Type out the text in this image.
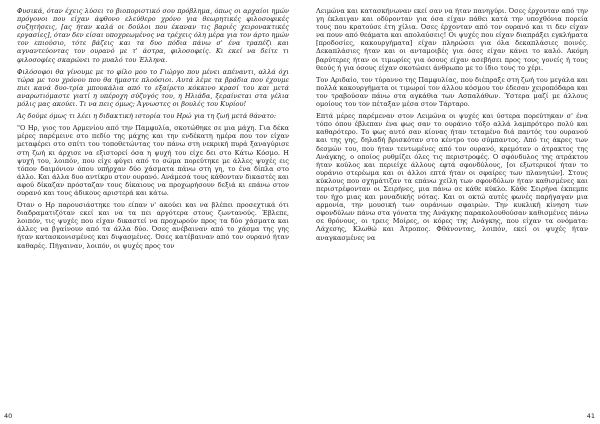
Φυσικά, όταν έχεις λύσει το βιοποριστικό σου πρόβλημα, όπως οι αρχαίοι ημών πρόγονοι που είχαν άφθονο ελεύθερο χρόνο για θεωρητικές φιλοσοφικές συζητήσεις, [ας ήταν καλά οι δούλοι που έκαναν τις βαριές χειρονακτικές εργασίες], όταν δεν είσαι υποχρεωμένος να τρέχεις όλη μέρα για τον άρτο ημών τον επιούσιο, τότε βάζεις και τα δυο πόδια πάνω σ' ένα τραπέζι και αγναντεύοντας τον ουρανό με τ' άστρα, φιλοσοφείς. Κι εκεί να δείτε τι φιλοσοφίες σκαρώνει το μυαλό του Έλληνα.

Φιλόσοφοι θα γίνουμε με το φίλο μου το Γιώργο που μένει απέναντι, αλλά όχι τώρα με του χρόνου που θα ήμαστε πλούσιοι. Αυτά λέμε τα βράδια που έχουμε πιει κανά δυο-τρία μπουκάλια από το εξαίρετο κόκκινο κρασί του και μετά αναρωτιόμαστε γιατί η υπέροχη σύζυγός του, η Ηλιάδα, ξεραίνεται στα γέλια μόλις μας ακούει. Τι να πεις όμως; Άγνωστες οι βουλές του Κυρίου!

Ας δούμε όμως τι λέει η διδακτική ιστορία του Ηρώ για τη ζωή μετά θάνατο:

"Ο Ηρ, γιος του Αρμενίου από την Παμφυλία, σκοτώθηκε σε μια μάχη. Για δέκα μέρες παρέμεινε στο πεδίο της μάχης και την ενδέκατη ημέρα που τον είχαν μεταφέρει στο σπίτι του τοποθετώντας τον πάνω στη νεκρική πυρά ξαναγύρισε στη ζωή κι άρχισε να εξιστορεί όσα η ψυχή του είχε δει στο Κάτω Κόσμο. Η ψυχή του, λοιπόν, που είχε φύγει από το σώμα πορεύτηκε με άλλες ψυχές εις τόπον δαιμόνιον όπου υπήρχαν δύο χάσματα πάνω στη γη, το ένα δίπλα στο άλλο. Και άλλα δυο αντίκρυ στον ουρανό. Ανάμεσά τους κάθονταν δικαστές και αφού δίκαζαν πρόσταζαν τους δίκαιους να προχωρήσουν δεξιά κι επάνω στον ουρανό και τους άδικους αριστερά και κάτω.

Όταν ο Ηρ παρουσιάστηκε του είπαν ν' ακούει και να βλέπει προσεχτικά ότι διαδραματιζόταν εκεί και να τα πει αργότερα στους ζωντανούς. Έβλεπε, λοιπόν, τις ψυχές που είχαν δικαστεί να προχωρούν προς τα δύο χάσματα και άλλες να βγαίνουν από τα άλλα δύο. Όσες ανέβαιναν από το χάσμα της γης ήταν κατασκονισμένες και διψασμένες. Όσες κατέβαιναν από τον ουρανό ήταν καθαρές. Πήγαιναν, λοιπόν, οι ψυχές προς τον

40

Λειμώνα και κατασκήνωναν εκεί σαν να ήταν πανηγύρι. Όσες έρχονταν από την γη έκλαιγαν και οδύρονταν για όσα είχαν πάθει κατά την υποχθόνια πορεία τους που κρατούσε έτη χίλια. Όσες έρχονταν από τον ουρανό και τι δεν είχαν να πουν από θεάματα και απολαύσεις! Οι ψυχές που είχαν διαπράξει εγκλήματα [προδοσίες, κακουργήματα] είχαν πληρώσει για όλα δεκαπλάσιες ποινές. Δεκαπλάσιες ήταν και οι ανταμοιβές για όσες είχαν κάνει το καλό. Ακόμη βαρύτερες ήταν οι τιμωρίες για όσους είχαν ασεβήσει προς τους γονείς ή τους θεούς ή για όσους είχαν σκοτώσει άνθρωπο με το ίδιο τους το χέρι.

Τον Αριδαίο, τον τύραννο της Παμφυλίας, που διέπραξε στη ζωή του μεγάλα και πολλά κακουργήματα οι τιμωροί τον άλλου κόσμου τον έδεσαν χειροπόδαρα και τον τραβούσαν πάνω στα αγκάθια των Ασπαλάθων. Ύστερα μαζί με άλλους ομοίους του τον πέταξαν μέσα στον Τάρταρο.

Επτά μέρες παρέμεναν στον Λειμώνα οι ψυχές και ύστερα πορεύτηκαν σ' ένα τόπο όπου έβλεπαν ένα φως σαν το ουράνιο τόξο αλλά λαμπρότερο πολύ και καθαρότερο. Το φως αυτό σαν κίονας ήταν τεταμένο διά παντός του ουρανού και της γης, δηλαδή βρισκόταν στο κέντρο του σύμπαντος. Από τις άκρες των δεσμών του, που ήταν τεντωμένες από τον ουρανό, κρεμόταν ο άτρακτος της Ανάγκης, ο οποίος ρυθμίζει όλες τις περιστροφές. Ο σφόνδυλος της ατράκτου ήταν κούλος και περιείχε άλλους εφτά σφονδύλους, [οι εξωτερικοί ήταν το ουράνιο στερέωμα και οι άλλοι επτά ήταν οι σφαίρες των πλανητών]. Στους κύκλους που σχημάτιζαν τα επάνω χείλη των σφονδύλων ήταν καθισμένες και περιστρέφονταν οι Σειρήνες, μια πάνω σε κάθε κύκλο. Κάθε Σειρήνα έκπεμπε τον ήχο μιας και μοναδικής νότας. Και οι οκτώ αυτές φωνές παρήγαγαν μια αρμονία, την μουσική των ουράνιων σφαιρών. Την κυκλική κίνηση των σφονδύλων πάνω στα γόνατα της Ανάγκης παρακολουθούσαν καθισμένες πάνω σε θρόνους, οι τρεις Μοίρες, οι κόρες της Ανάγκης, που είχαν τα ονόματα: Λάχεσης, Κλωθώ και Άτροπος. Φθάνοντας, λοιπόν, εκεί οι ψυχές ήταν αναγκασμένες να

41
